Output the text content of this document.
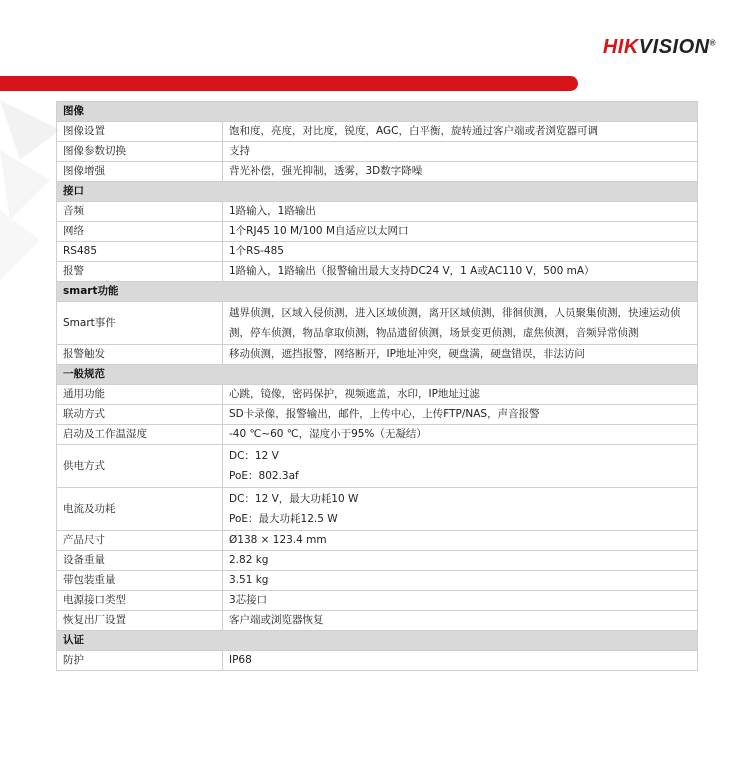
HIKVISION®
图像	
图像设置	饱和度，亮度，对比度，锐度，AGC，白平衡，旋转通过客户端或者浏览器可调

图像参数切换	支持

图像增强	背光补偿，强光抑制，透雾，3D数字降噪

接口	
音频	1路输入，1路输出

网络	1个RJ45 10 M/100 M自适应以太网口

RS485	1个RS-485

报警	1路输入，1路输出（报警输出最大支持DC24 V，1 A或AC110 V，500 mA）

smart功能	
Smart事件	越界侦测，区域入侵侦测，进入区域侦测，离开区域侦测，徘徊侦测，人员聚集侦测，快速运动侦测，停车侦测，物品拿取侦测，物品遗留侦测，场景变更侦测，虚焦侦测，音频异常侦测

报警触发	移动侦测，遮挡报警，网络断开，IP地址冲突，硬盘满，硬盘错误，非法访问

一般规范	
通用功能	心跳，镜像，密码保护，视频遮盖，水印，IP地址过滤

联动方式	SD卡录像，报警输出，邮件，上传中心，上传FTP/NAS，声音报警

启动及工作温湿度	-40 ℃~60 ℃，湿度小于95%（无凝结）

供电方式	DC：12 V
PoE：802.3af

电流及功耗	DC：12 V，最大功耗10 W
PoE：最大功耗12.5 W

产品尺寸	Ø138 × 123.4 mm

设备重量	2.82 kg

带包装重量	3.51 kg

电源接口类型	3芯接口

恢复出厂设置	客户端或浏览器恢复

认证	
防护	IP68
